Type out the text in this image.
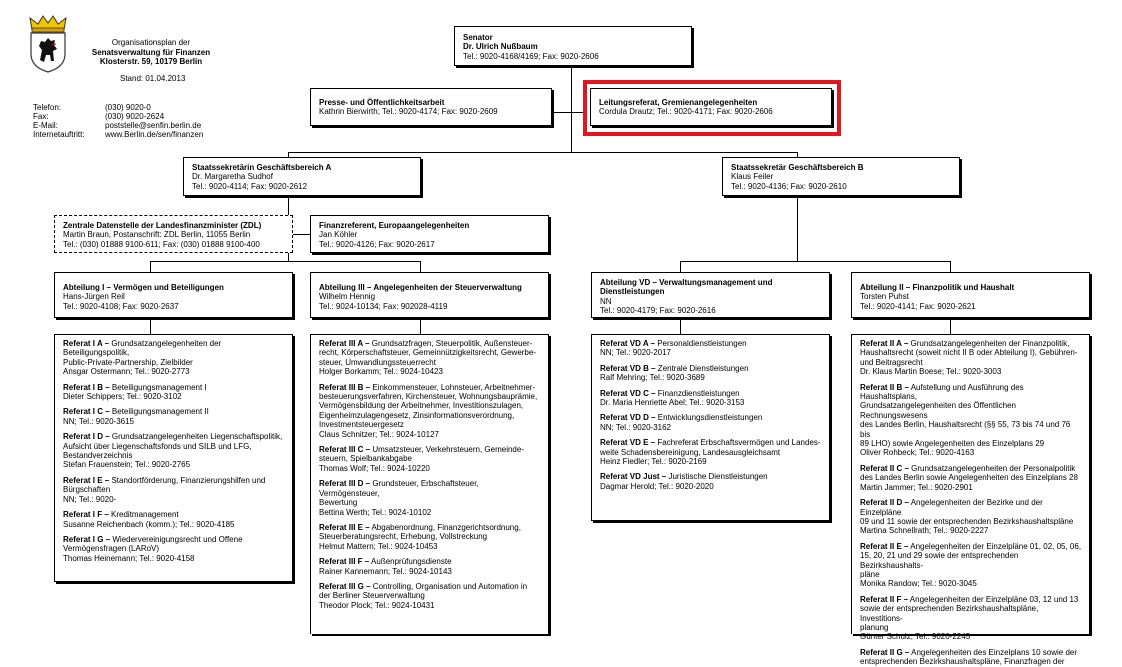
Organisationsplan der
Senatsverwaltung für Finanzen
Klosterstr. 59, 10179 Berlin
Stand: 01.04.2013
Telefon:	(030) 9020-0
Fax:	(030) 9020-2624
E-Mail:	poststelle@senfin.berlin.de
Internetauftritt:	www.Berlin.de/sen/finanzen
Senator
Dr. Ulrich Nußbaum
Tel.: 9020-4168/4169; Fax: 9020-2606
Presse- und Öffentlichkeitsarbeit
Kathrin Bierwirth; Tel.: 9020-4174; Fax: 9020-2609
Leitungsreferat, Gremienangelegenheiten
Cordula Drautz; Tel.: 9020-4171; Fax: 9020-2606
Staatssekretärin Geschäftsbereich A
Dr. Margaretha Sudhof
Tel.: 9020-4114; Fax: 9020-2612
Staatssekretär Geschäftsbereich B
Klaus Feiler
Tel.: 9020-4136; Fax: 9020-2610
Zentrale Datenstelle der Landesfinanzminister (ZDL)
Martin Braun, Postanschrift: ZDL Berlin, 11055 Berlin
Tel.: (030) 01888 9100-611; Fax: (030) 01888 9100-400
Finanzreferent, Europaangelegenheiten
Jan Köhler
Tel.: 9020-4126; Fax: 9020-2617
Abteilung I – Vermögen und Beteiligungen
Hans-Jürgen Reil
Tel.: 9020-4108; Fax: 9020-2637
Abteilung III – Angelegenheiten der Steuerverwaltung
Wilhelm Hennig
Tel.: 9024-10134; Fax: 902028-4119
Abteilung VD – Verwaltungsmanagement und
Dienstleistungen
NN
Tel.: 9020-4179; Fax: 9020-2616
Abteilung II – Finanzpolitik und Haushalt
Torsten Puhst
Tel.: 9020-4141; Fax: 9020-2621
Referat I A – Grundsatzangelegenheiten der Beteiligungspolitik,
Public-Private-Partnership, Zielbilder
Ansgar Ostermann; Tel.: 9020-2773
Referat I B – Beteiligungsmanagement I
Dieter Schippers; Tel.: 9020-3102
Referat I C – Beteiligungsmanagement II
NN; Tel.: 9020-3615
Referat I D – Grundsatzangelegenheiten Liegenschaftspolitik,
Aufsicht über Liegenschaftsfonds und SILB und LFG,
Bestandverzeichnis
Stefan Frauenstein; Tel.: 9020-2765
Referat I E – Standortförderung, Finanzierungshilfen und
Bürgschaften
NN; Tel.: 9020-
Referat I F – Kreditmanagement
Susanne Reichenbach (komm.); Tel.: 9020-4185
Referat I G – Wiedervereinigungsrecht und Offene
Vermögensfragen (LARoV)
Thomas Heinemann; Tel.: 9020-4158
Referat III A – Grundsatzfragen, Steuerpolitik, Außensteuer-
recht, Körperschaftsteuer, Gemeinnützigkeitsrecht, Gewerbe-
steuer, Umwandlungssteuerrecht
Holger Borkamm; Tel.: 9024-10423
Referat III B – Einkommensteuer, Lohnsteuer, Arbeitnehmer-
besteuerungsverfahren, Kirchensteuer, Wohnungsbauprämie,
Vermögensbildung der Arbeitnehmer, Investitionszulagen,
Eigenheimzulagengesetz, Zinsinformationsverordnung,
Investmentsteuergesetz
Claus Schnitzer; Tel.: 9024-10127
Referat III C – Umsatzsteuer, Verkehrsteuern, Gemeinde-
steuern, Spielbankabgabe
Thomas Wolf; Tel.: 9024-10220
Referat III D – Grundsteuer, Erbschaftsteuer, Vermögensteuer,
Bewertung
Bettina Werth; Tel.: 9024-10102
Referat III E – Abgabenordnung, Finanzgerichtsordnung,
Steuerberatungsrecht, Erhebung, Vollstreckung
Helmut Mattern; Tel.: 9024-10453
Referat III F – Außenprüfungsdienste
Rainer Kannemann; Tel.: 9024-10143
Referat III G – Controlling, Organisation und Automation in
der Berliner Steuerverwaltung
Theodor Plock; Tel.: 9024-10431
Referat VD A – Personaldienstleistungen
NN; Tel.: 9020-2017
Referat VD B – Zentrale Dienstleistungen
Ralf Mehring; Tel.: 9020-3689
Referat VD C – Finanzdienstleistungen
Dr. Maria Henriette Abel; Tel.: 9020-3153
Referat VD D – Entwicklungsdienstleistungen
NN; Tel.: 9020-3162
Referat VD E – Fachreferat Erbschaftsvermögen und Landes-
weite Schadensbereinigung, Landesausgleichsamt
Heinz Fiedler; Tel.: 9020-2169
Referat VD Just – Juristische Dienstleistungen
Dagmar Herold; Tel.: 9020-2020
Referat II A – Grundsatzangelegenheiten der Finanzpolitik,
Haushaltsrecht (soweit nicht II B oder Abteilung I), Gebühren-
und Beitragsrecht
Dr. Klaus Martin Boese; Tel.: 9020-3003
Referat II B – Aufstellung und Ausführung des Haushaltsplans,
Grundsatzangelegenheiten des Öffentlichen Rechnungswesens
des Landes Berlin, Haushaltsrecht (§§ 55, 73 bis 74 und 76 bis
89 LHO) sowie Angelegenheiten des Einzelplans 29
Oliver Rohbeck; Tel.: 9020-4163
Referat II C – Grundsatzangelegenheiten der Personalpolitik
des Landes Berlin sowie Angelegenheiten des Einzelplans 28
Martin Jammer; Tel.: 9020-2901
Referat II D – Angelegenheiten der Bezirke und der Einzelpläne
09 und 11 sowie der entsprechenden Bezirkshaushaltspläne
Martina Schnellrath; Tel.: 9020-2227
Referat II E – Angelegenheiten der Einzelpläne 01, 02, 05, 06,
15, 20, 21 und 29 sowie der entsprechenden Bezirkshaushalts-
pläne
Monika Randow; Tel.: 9020-3045
Referat II F – Angelegenheiten der Einzelpläne 03, 12 und 13
sowie der entsprechenden Bezirkshaushaltspläne, Investitions-
planung
Günter Schulz; Tel.: 9020-2245
Referat II G – Angelegenheiten des Einzelplans 10 sowie der
entsprechenden Bezirkshaushaltspläne, Finanzfragen der
